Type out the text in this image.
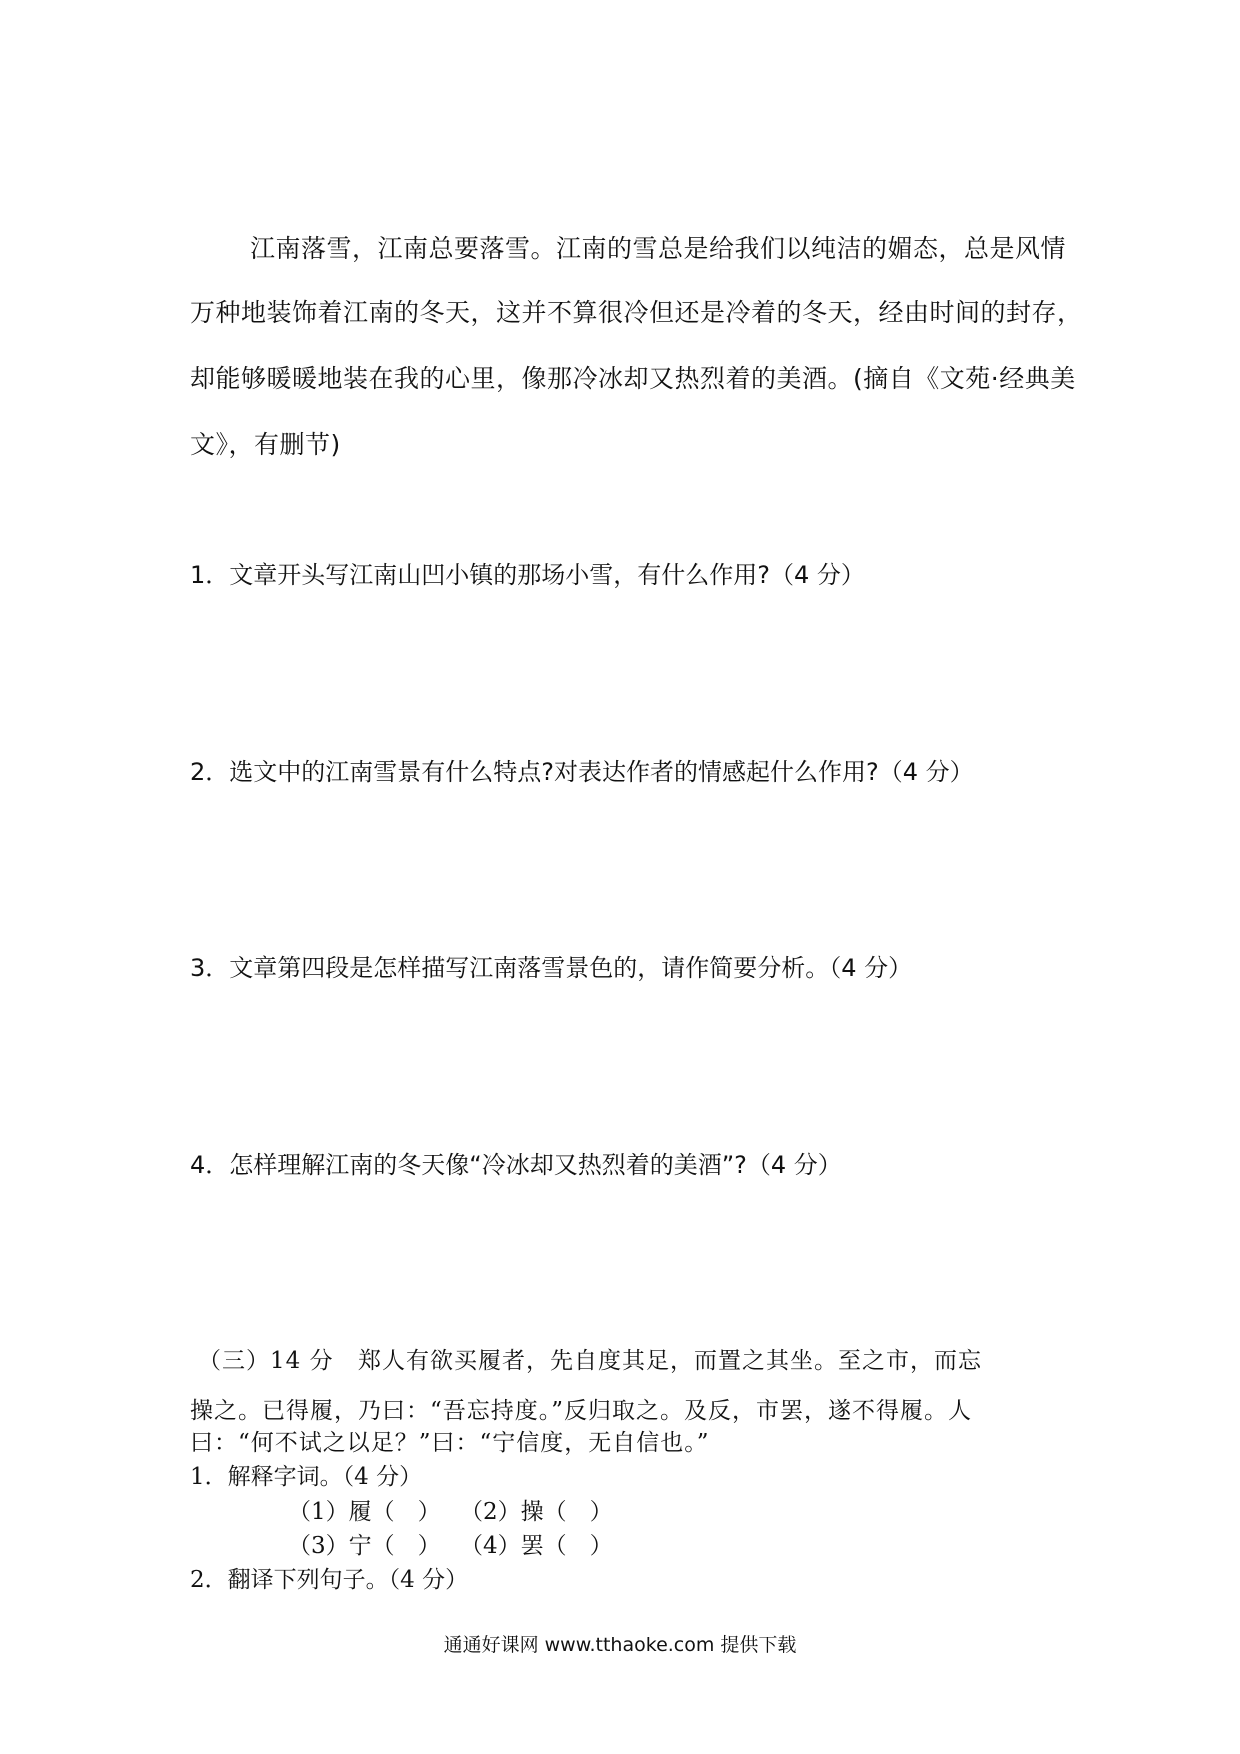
江南落雪，江南总要落雪。江南的雪总是给我们以纯洁的媚态，总是风情
万种地装饰着江南的冬天，这并不算很冷但还是冷着的冬天，经由时间的封存，
却能够暖暖地装在我的心里，像那冷冰却又热烈着的美酒。(摘自《文苑·经典美
文》，有删节)
1．文章开头写江南山凹小镇的那场小雪，有什么作用?（4 分）
2．选文中的江南雪景有什么特点?对表达作者的情感起什么作用?（4 分）
3．文章第四段是怎样描写江南落雪景色的，请作简要分析。（4 分）
4．怎样理解江南的冬天像“冷冰却又热烈着的美酒”?（4 分）
（三）14 分 郑人有欲买履者，先自度其足，而置之其坐。至之市，而忘
操之。已得履，乃曰：“吾忘持度。”反归取之。及反，市罢，遂不得履。人
曰：“何不试之以足？”曰：“宁信度，无自信也。”
1．解释字词。（4 分）
（1）履（　） （2）操（　）
（3）宁（　） （4）罢（　）
2．翻译下列句子。（4 分）
通通好课网 www.tthaoke.com 提供下载
